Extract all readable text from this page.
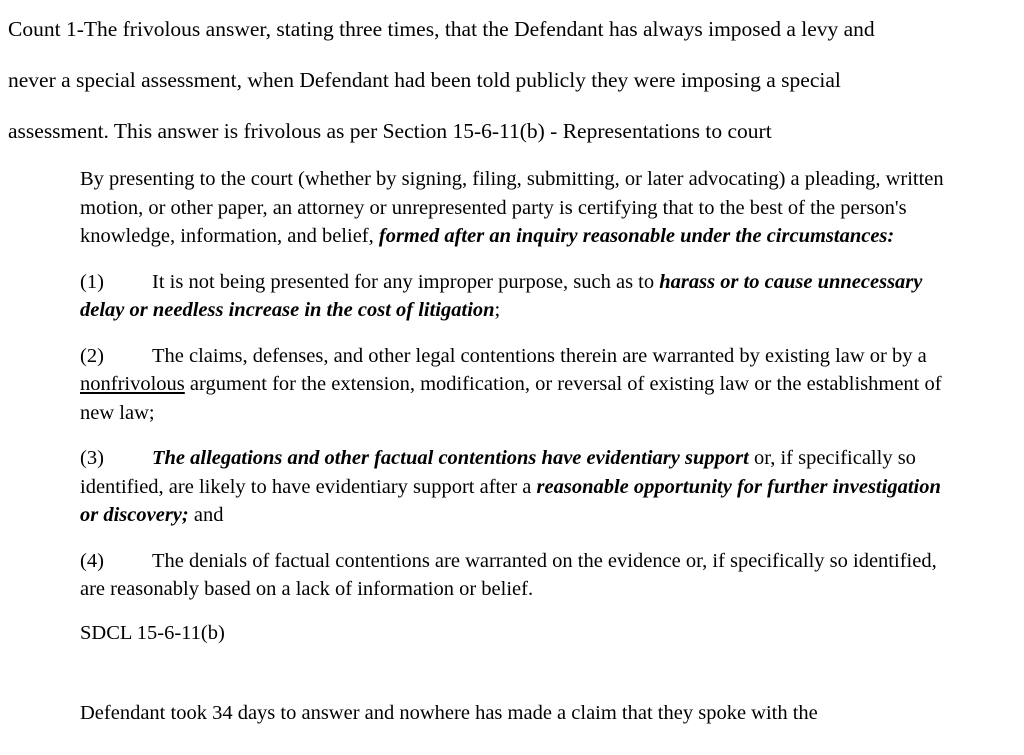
Count 1-The frivolous answer, stating three times, that the Defendant has always imposed a levy and
never a special assessment, when Defendant had been told publicly they were imposing a special
assessment. This answer is frivolous as per Section 15-6-11(b) - Representations to court

By presenting to the court (whether by signing, filing, submitting, or later advocating) a pleading, written motion, or other paper, an attorney or unrepresented party is certifying that to the best of the person's knowledge, information, and belief, formed after an inquiry reasonable under the circumstances:

(1) It is not being presented for any improper purpose, such as to harass or to cause unnecessary delay or needless increase in the cost of litigation;

(2) The claims, defenses, and other legal contentions therein are warranted by existing law or by a nonfrivolous argument for the extension, modification, or reversal of existing law or the establishment of new law;

(3) The allegations and other factual contentions have evidentiary support or, if specifically so identified, are likely to have evidentiary support after a reasonable opportunity for further investigation or discovery; and

(4) The denials of factual contentions are warranted on the evidence or, if specifically so identified, are reasonably based on a lack of information or belief.

SDCL 15-6-11(b)

Defendant took 34 days to answer and nowhere has made a claim that they spoke with the
